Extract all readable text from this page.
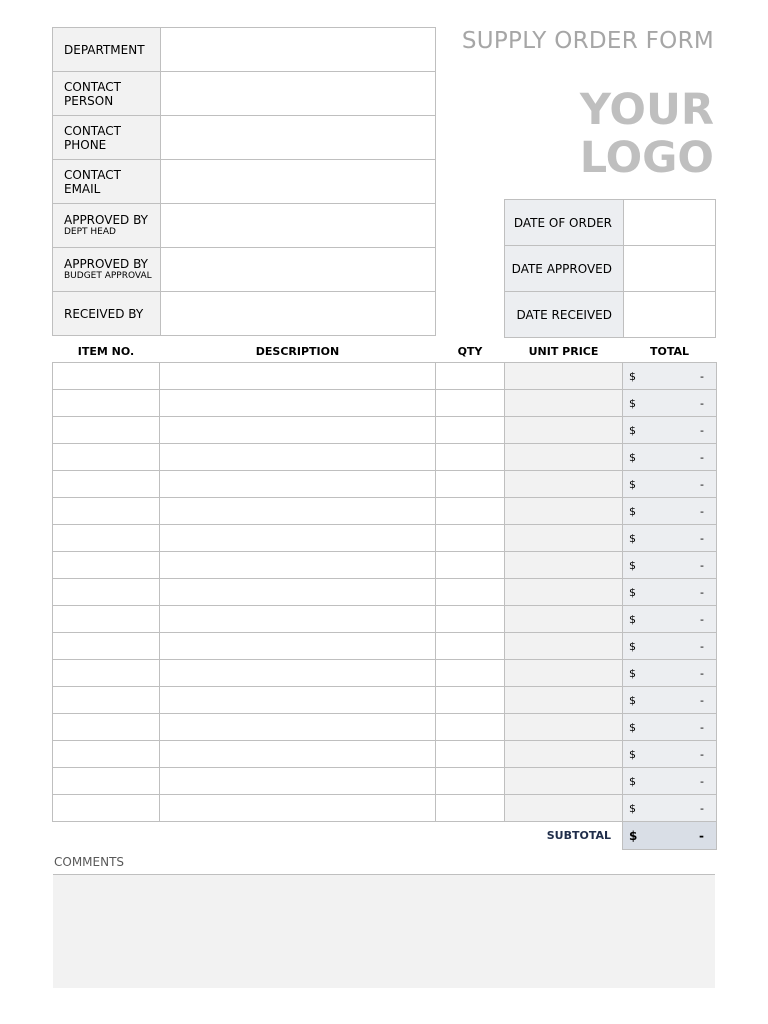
DEPARTMENT	
CONTACT PERSON	
CONTACT PHONE	
CONTACT EMAIL	
APPROVED BY
DEPT HEAD	

APPROVED BY
BUDGET APPROVAL	

RECEIVED BY	
SUPPLY ORDER FORM
YOUR
LOGO
DATE OF ORDER	
DATE APPROVED	
DATE RECEIVED	
ITEM NO.	DESCRIPTION	QTY	UNIT PRICE	TOTAL

				$ -

				$ -

				$ -

				$ -

				$ -

				$ -

				$ -

				$ -

				$ -

				$ -

				$ -

				$ -

				$ -

				$ -

				$ -

				$ -

				$ -

SUBTOTAL				$ -
COMMENTS
